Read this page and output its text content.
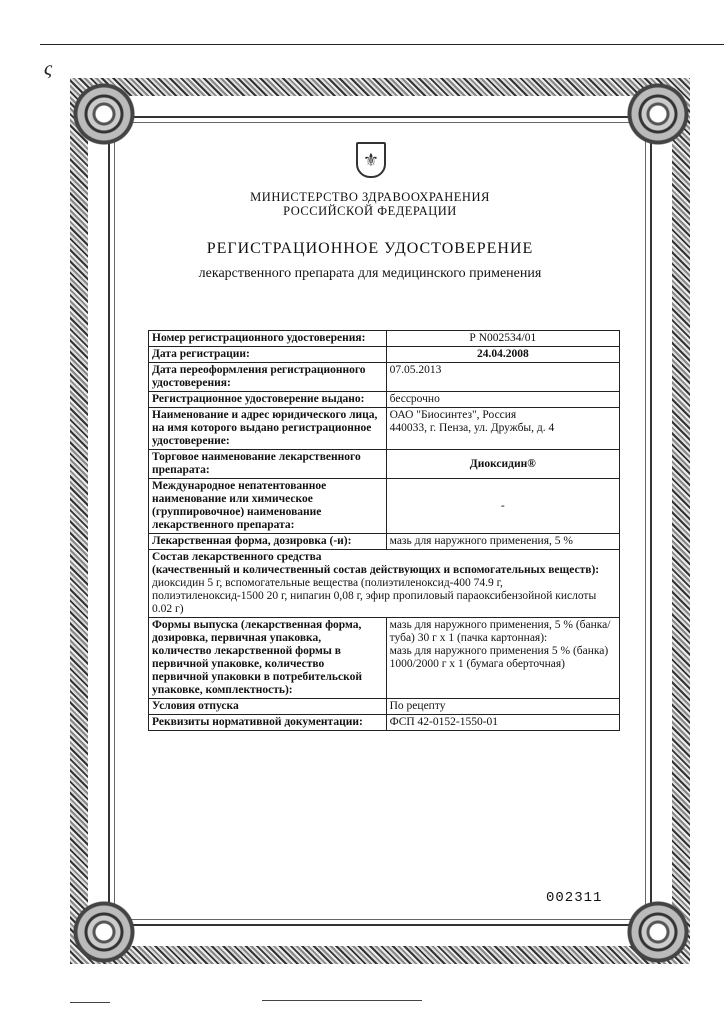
ς
⚜
МИНИСТЕРСТВО ЗДРАВООХРАНЕНИЯ
РОССИЙСКОЙ ФЕДЕРАЦИИ
РЕГИСТРАЦИОННОЕ УДОСТОВЕРЕНИЕ
лекарственного препарата для медицинского применения
Номер регистрационного удостоверения:	Р N002534/01
Дата регистрации:	24.04.2008
Дата переоформления регистрационного удостоверения:	07.05.2013
Регистрационное удостоверение выдано:	бессрочно
Наименование и адрес юридического лица, на имя которого выдано регистрационное удостоверение:	ОАО "Биосинтез", Россия
440033, г. Пенза, ул. Дружбы, д. 4

Торговое наименование лекарственного препарата:	Диоксидин®
Международное непатентованное наименование или химическое (группировочное) наименование лекарственного препарата:	-
Лекарственная форма, дозировка (-и):	мазь для наружного применения, 5 %

Состав лекарственного средства
(качественный и количественный состав действующих и вспомогательных веществ):
диоксидин 5 г, вспомогательные вещества (полиэтиленоксид-400 74.9 г, полиэтиленоксид-1500 20 г, нипагин 0,08 г, эфир пропиловый параоксибензойной кислоты 0.02 г)	

Формы выпуска (лекарственная форма, дозировка, первичная упаковка, количество лекарственной формы в первичной упаковке, количество первичной упаковки в потребительской упаковке, комплектность):	мазь для наружного применения, 5 % (банка/туба) 30 г x 1 (пачка картонная):
мазь для наружного применения 5 % (банка) 1000/2000 г x 1 (бумага оберточная)

Условия отпуска	По рецепту
Реквизиты нормативной документации:	ФСП 42-0152-1550-01
002311
